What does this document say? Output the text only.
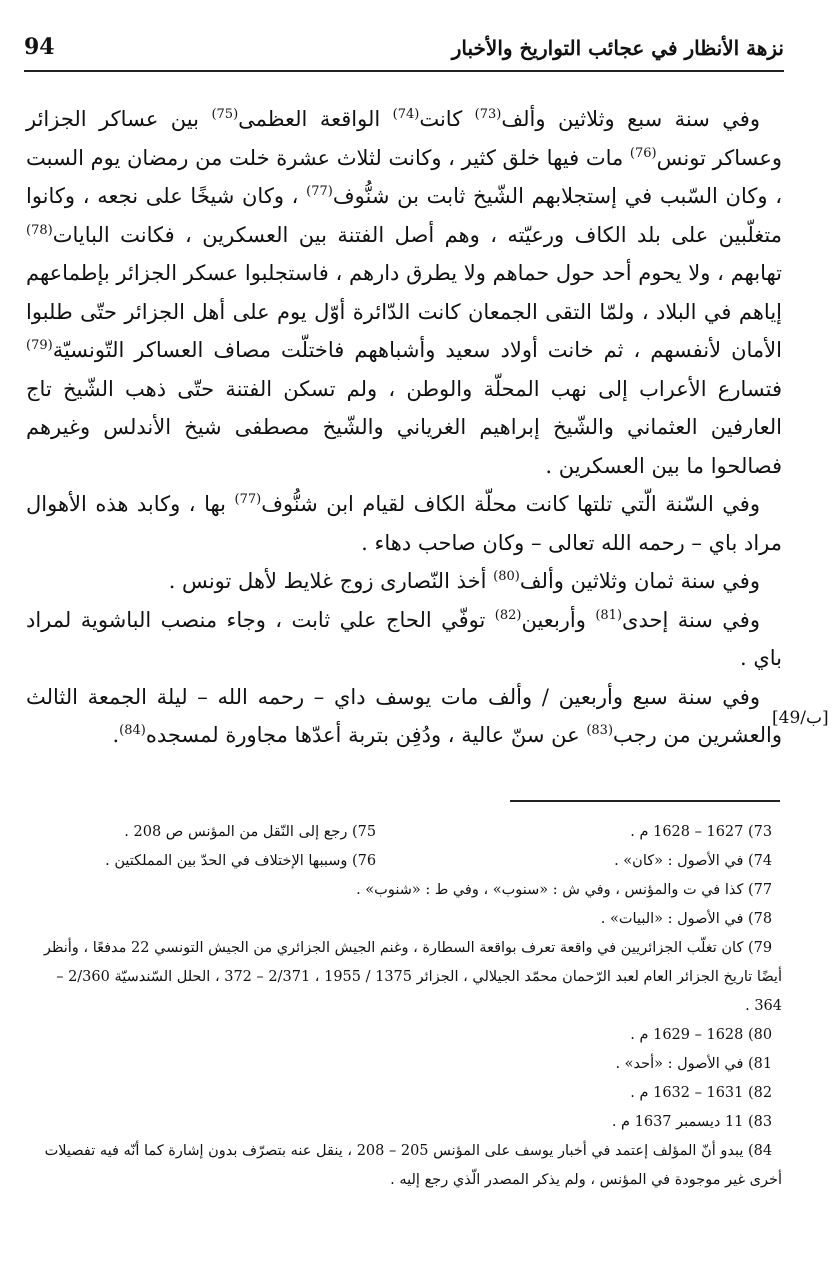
نزهة الأنظار في عجائب التواريخ والأخبار
94

وفي سنة سبع وثلاثين وألف$^{(73)}$ كانت$^{(74)}$ الواقعة العظمى$^{(75)}$ بين عساكر الجزائر وعساكر تونس$^{(76)}$ مات فيها خلق كثير ، وكانت لثلاث عشرة خلت من رمضان يوم السبت ، وكان السّبب في إستجلابهم الشّيخ ثابت بن شنُّوف$^{(77)}$ ، وكان شيخًا على نجعه ، وكانوا متغلّبين على بلد الكاف ورعيّته ، وهم أصل الفتنة بين العسكرين ، فكانت البايات$^{(78)}$ تهابهم ، ولا يحوم أحد حول حماهم ولا يطرق دارهم ، فاستجلبوا عسكر الجزائر بإطماعهم إياهم في البلاد ، ولمّا التقى الجمعان كانت الدّائرة أوّل يوم على أهل الجزائر حتّى طلبوا الأمان لأنفسهم ، ثم خانت أولاد سعيد وأشباههم فاختلّت مصاف العساكر التّونسيّة$^{(79)}$ فتسارع الأعراب إلى نهب المحلّة والوطن ، ولم تسكن الفتنة حتّى ذهب الشّيخ تاج العارفين العثماني والشّيخ إبراهيم الغرياني والشّيخ مصطفى شيخ الأندلس وغيرهم فصالحوا ما بين العسكرين .

وفي السّنة الّتي تلتها كانت محلّة الكاف لقيام ابن شنُّوف$^{(77)}$ بها ، وكابد هذه الأهوال مراد باي – رحمه الله تعالى – وكان صاحب دهاء .

وفي سنة ثمان وثلاثين وألف$^{(80)}$ أخذ النّصارى زوج غلايط لأهل تونس .

وفي سنة إحدى$^{(81)}$ وأربعين$^{(82)}$ توفّي الحاج علي ثابت ، وجاء منصب الباشوية لمراد باي .

وفي سنة سبع وأربعين / وألف مات يوسف داي – رحمه الله – ليلة الجمعة الثالث والعشرين من رجب$^{(83)}$ عن سنّ عالية ، ودُفِن بتربة أعدّها مجاورة لمسجده$^{(84)}$.

[49/ب]
(73 1627 – 1628 م .
(74 في الأصول : «كان» .
(77 كذا في ت والمؤنس ، وفي ش : «سنوب» ، وفي ط : «شنوب» .
(78 في الأصول : «البيات» .
(79 كان تغلّب الجزائريين في واقعة تعرف بواقعة السطارة ، وغنم الجيش الجزائري من الجيش التونسي 22 مدفعًا ، وأنظر أيضًا تاريخ الجزائر العام لعبد الرّحمان محمّد الجيلالي ، الجزائر 1375 / 1955 ، 2/371 – 372 ، الحلل السّندسيّة 2/360 – 364 .
(80 1628 – 1629 م .
(81 في الأصول : «أحد» .
(82 1631 – 1632 م .
(83 11 ديسمبر 1637 م .
(84 يبدو أنّ المؤلف إعتمد في أخبار يوسف على المؤنس 205 – 208 ، ينقل عنه بتصرّف بدون إشارة كما أنّه فيه تفصيلات أخرى غير موجودة في المؤنس ، ولم يذكر المصدر الّذي رجع إليه .
(75 رجع إلى النّقل من المؤنس ص 208 .
(76 وسببها الإختلاف في الحدّ بين المملكتين .
